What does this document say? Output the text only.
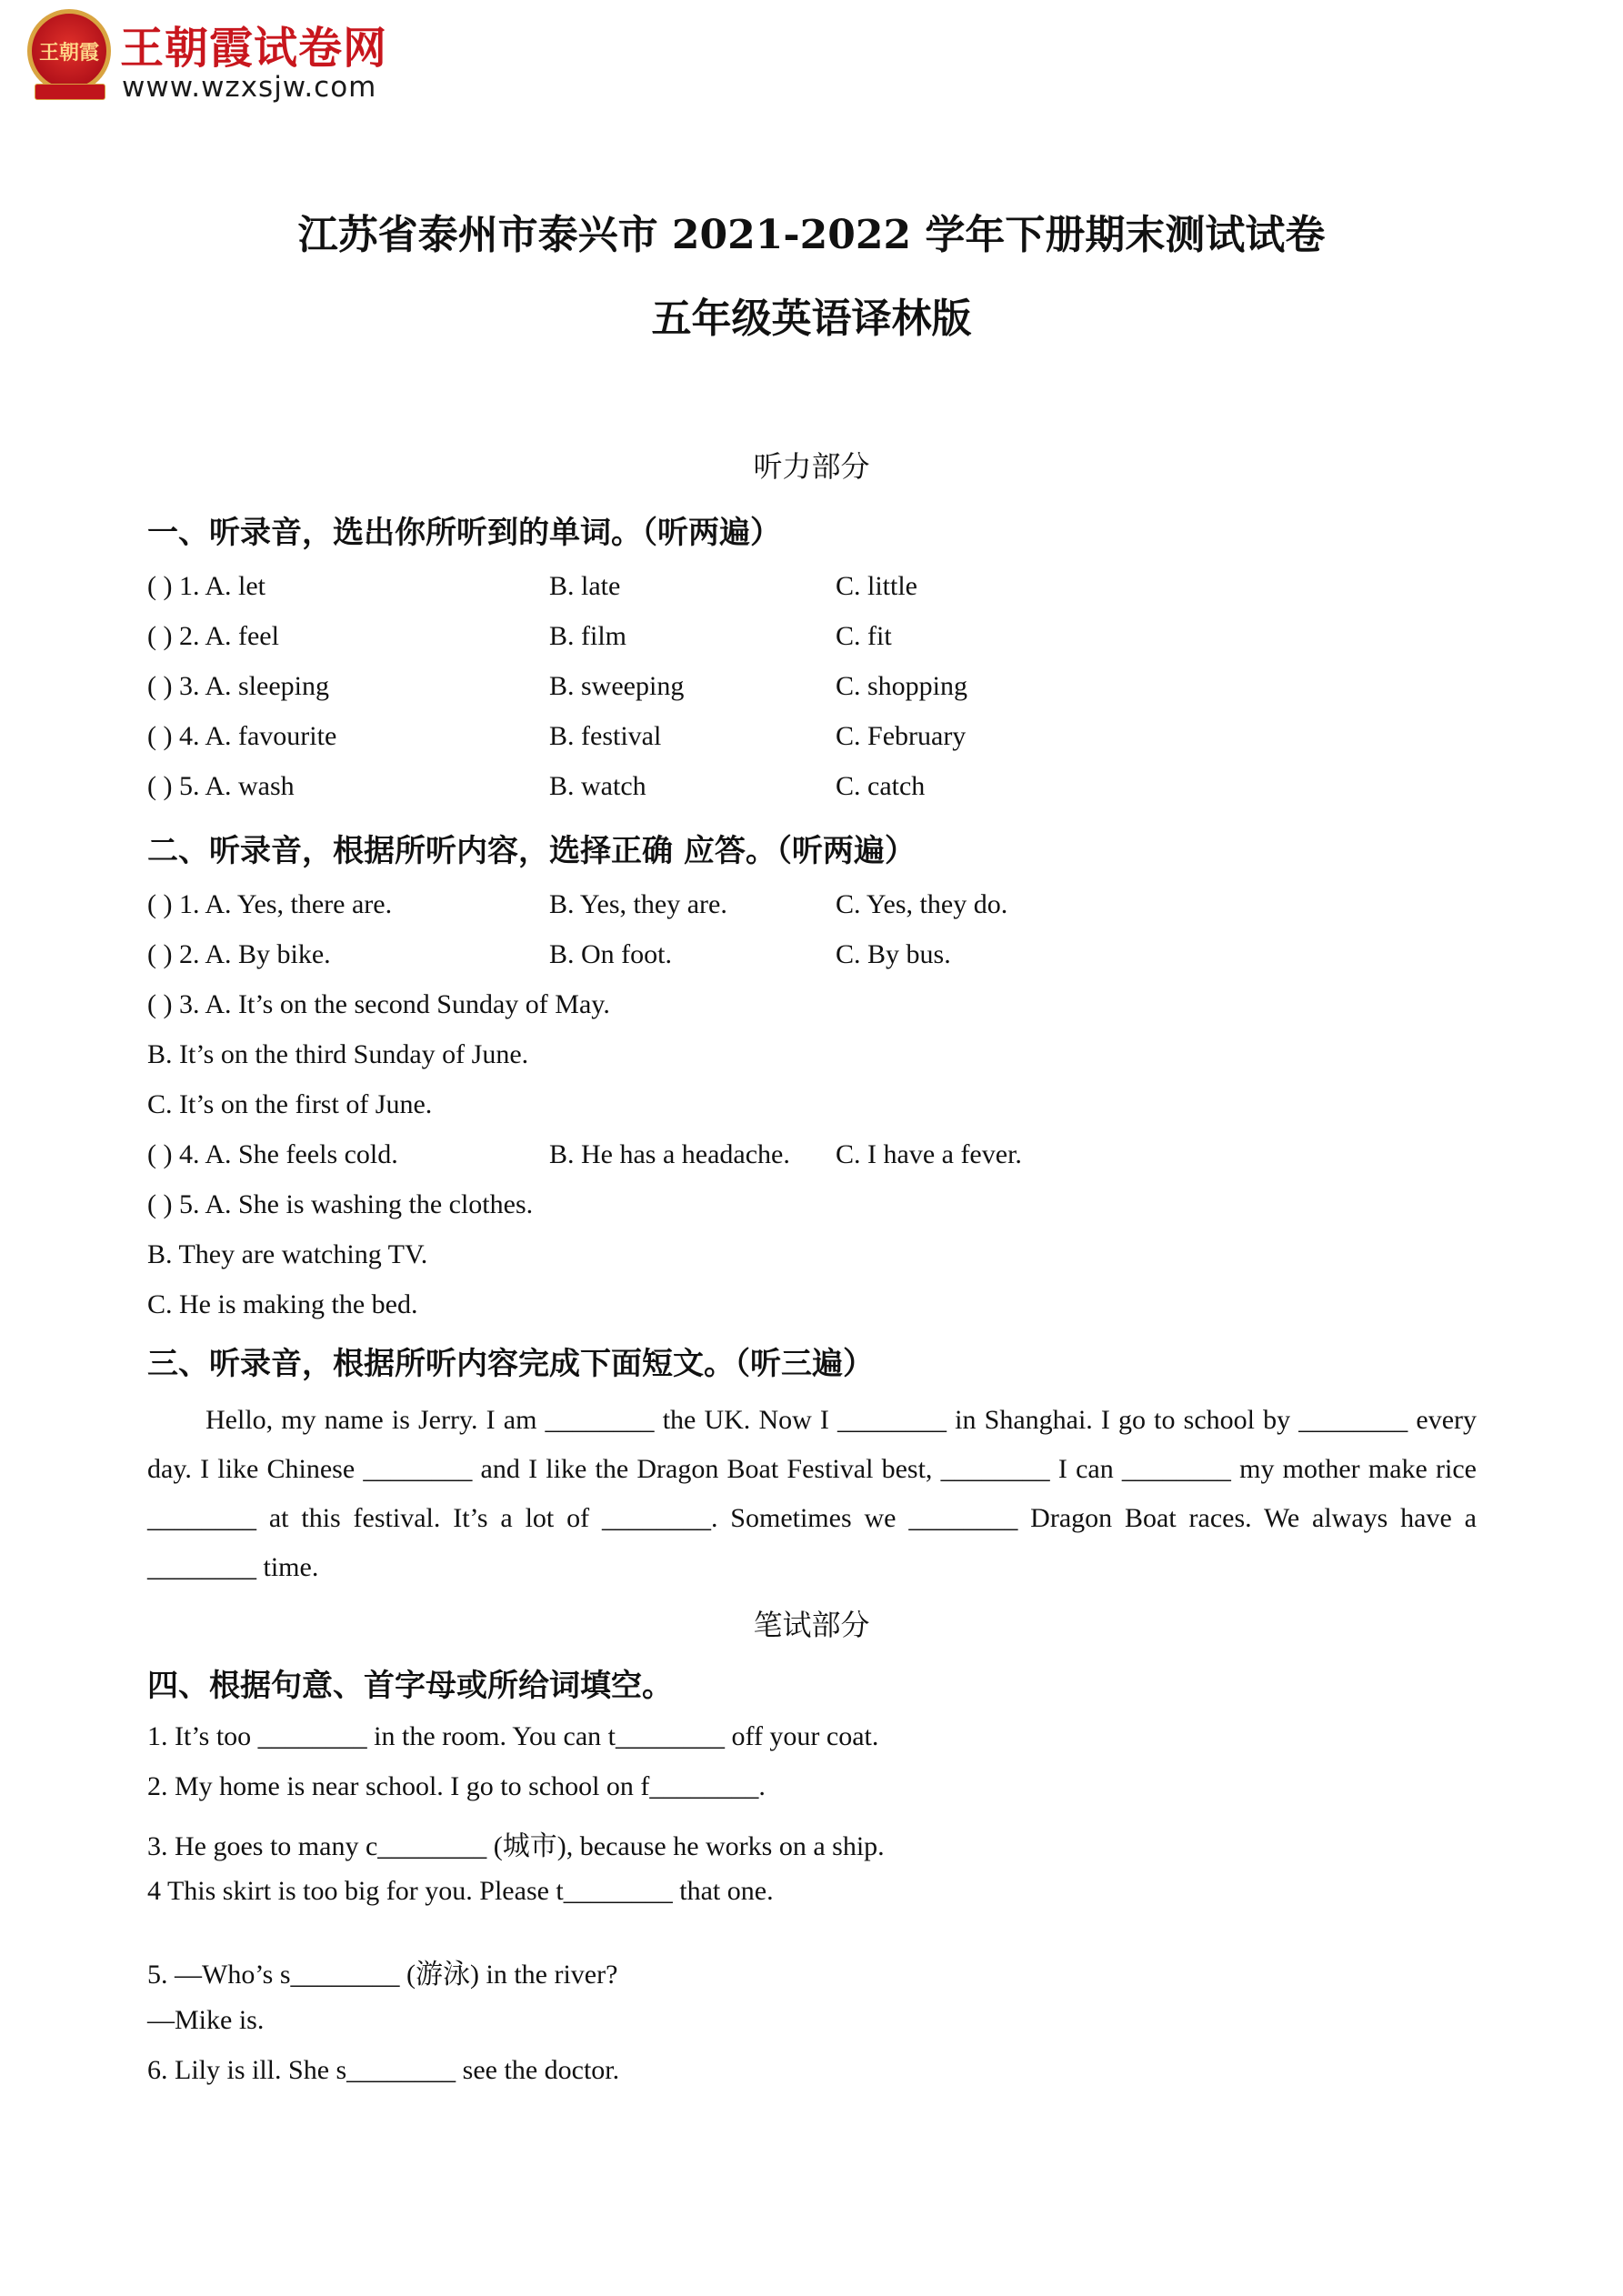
王朝霞 王朝霞试卷网
www.wzxsjw.com
江苏省泰州市泰兴市 2021-2022 学年下册期末测试试卷
五年级英语译林版
听力部分
一、听录音，选出你所听到的单词。（听两遍）
( ) 1. A. let	B. late	C. little
( ) 2. A. feel	B. film	C. fit
( ) 3. A. sleeping	B. sweeping	C. shopping
( ) 4. A. favourite	B. festival	C. February
( ) 5. A. wash	B. watch	C. catch
二、听录音，根据所听内容，选择正确 应答。（听两遍）
( ) 1. A. Yes, there are.	B. Yes, they are.	C. Yes, they do.
( ) 2. A. By bike.	B. On foot.	C. By bus.
( ) 3. A. It’s on the second Sunday of May.
B. It’s on the third Sunday of June.
C. It’s on the first of June.
( ) 4. A. She feels cold.	B. He has a headache. C. I have a fever.
( ) 5. A. She is washing the clothes.
B. They are watching TV.
C. He is making the bed.
三、听录音，根据所听内容完成下面短文。（听三遍）
Hello, my name is Jerry. I am ________ the UK. Now I ________ in Shanghai. I go to school by ________ every day. I like Chinese ________ and I like the Dragon Boat Festival best, ________ I can ________ my mother make rice ________ at this festival. It’s a lot of ________. Sometimes we ________ Dragon Boat races. We always have a ________ time.
笔试部分
四、根据句意、首字母或所给词填空。
1. It’s too ________ in the room. You can t________ off your coat.
2. My home is near school. I go to school on f________.
3. He goes to many c________ (城市), because he works on a ship.
4 This skirt is too big for you. Please t________ that one.
5. —Who’s s________ (游泳) in the river?
—Mike is.
6. Lily is ill. She s________ see the doctor.
